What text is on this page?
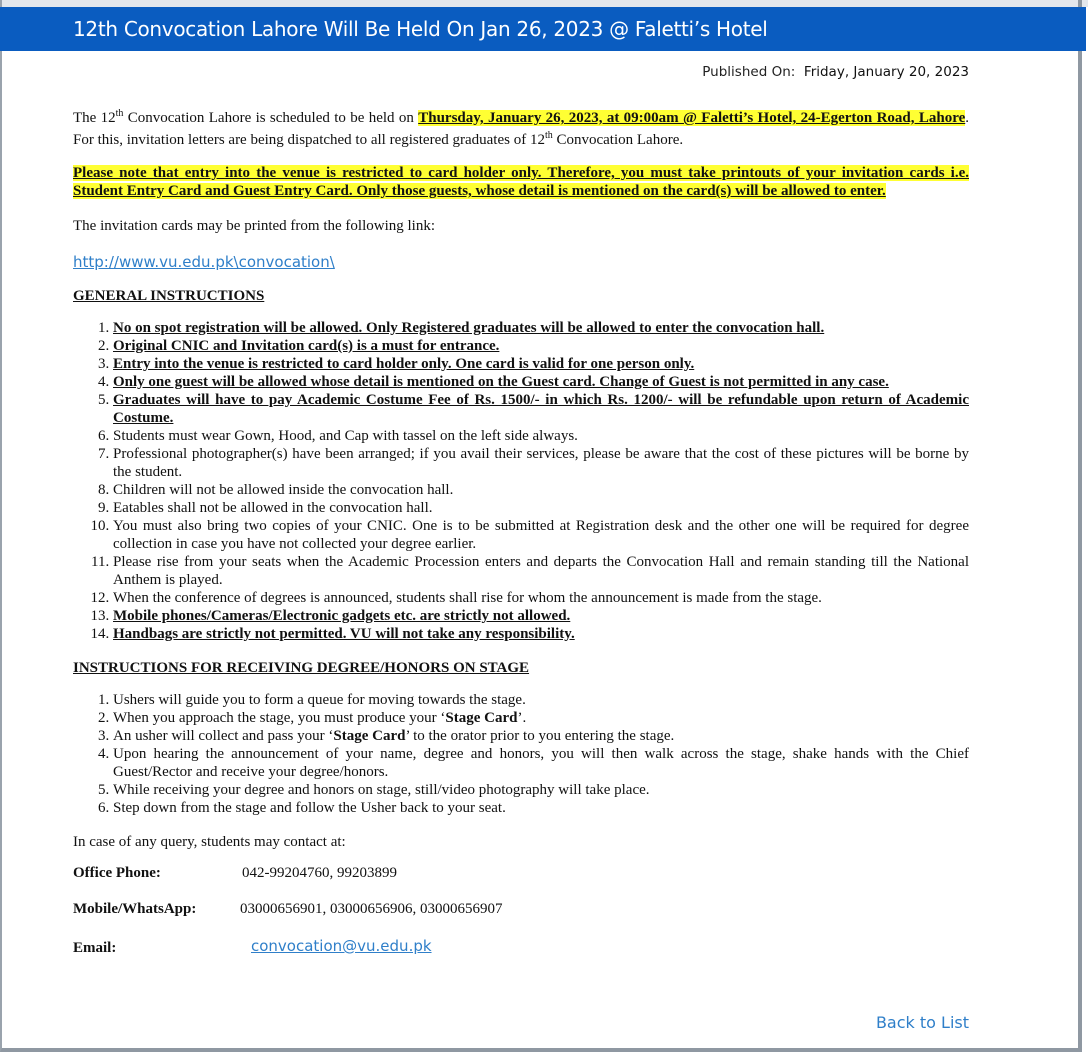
12th Convocation Lahore Will Be Held On Jan 26, 2023 @ Faletti’s Hotel
Published On: Friday, January 20, 2023

The 12th Convocation Lahore is scheduled to be held on Thursday, January 26, 2023, at 09:00am @ Faletti’s Hotel, 24-Egerton Road, Lahore. For this, invitation letters are being dispatched to all registered graduates of 12th Convocation Lahore.

Please note that entry into the venue is restricted to card holder only. Therefore, you must take printouts of your invitation cards i.e. Student Entry Card and Guest Entry Card. Only those guests, whose detail is mentioned on the card(s) will be allowed to enter.

The invitation cards may be printed from the following link:

http://www.vu.edu.pk\convocation\

GENERAL INSTRUCTIONS

1. No on spot registration will be allowed. Only Registered graduates will be allowed to enter the convocation hall.
2. Original CNIC and Invitation card(s) is a must for entrance.
3. Entry into the venue is restricted to card holder only. One card is valid for one person only.
4. Only one guest will be allowed whose detail is mentioned on the Guest card. Change of Guest is not permitted in any case.
5. Graduates will have to pay Academic Costume Fee of Rs. 1500/- in which Rs. 1200/- will be refundable upon return of Academic Costume.
6. Students must wear Gown, Hood, and Cap with tassel on the left side always.
7. Professional photographer(s) have been arranged; if you avail their services, please be aware that the cost of these pictures will be borne by the student.
8. Children will not be allowed inside the convocation hall.
9. Eatables shall not be allowed in the convocation hall.
10. You must also bring two copies of your CNIC. One is to be submitted at Registration desk and the other one will be required for degree collection in case you have not collected your degree earlier.
11. Please rise from your seats when the Academic Procession enters and departs the Convocation Hall and remain standing till the National Anthem is played.
12. When the conference of degrees is announced, students shall rise for whom the announcement is made from the stage.
13. Mobile phones/Cameras/Electronic gadgets etc. are strictly not allowed.
14. Handbags are strictly not permitted. VU will not take any responsibility.

INSTRUCTIONS FOR RECEIVING DEGREE/HONORS ON STAGE

1. Ushers will guide you to form a queue for moving towards the stage.
2. When you approach the stage, you must produce your ‘Stage Card’.
3. An usher will collect and pass your ‘Stage Card’ to the orator prior to you entering the stage.
4. Upon hearing the announcement of your name, degree and honors, you will then walk across the stage, shake hands with the Chief Guest/Rector and receive your degree/honors.
5. While receiving your degree and honors on stage, still/video photography will take place.
6. Step down from the stage and follow the Usher back to your seat.

In case of any query, students may contact at:

Office Phone:	042-99204760, 99203899
Mobile/WhatsApp:	03000656901, 03000656906, 03000656907
Email:	convocation@vu.edu.pk
Back to List
